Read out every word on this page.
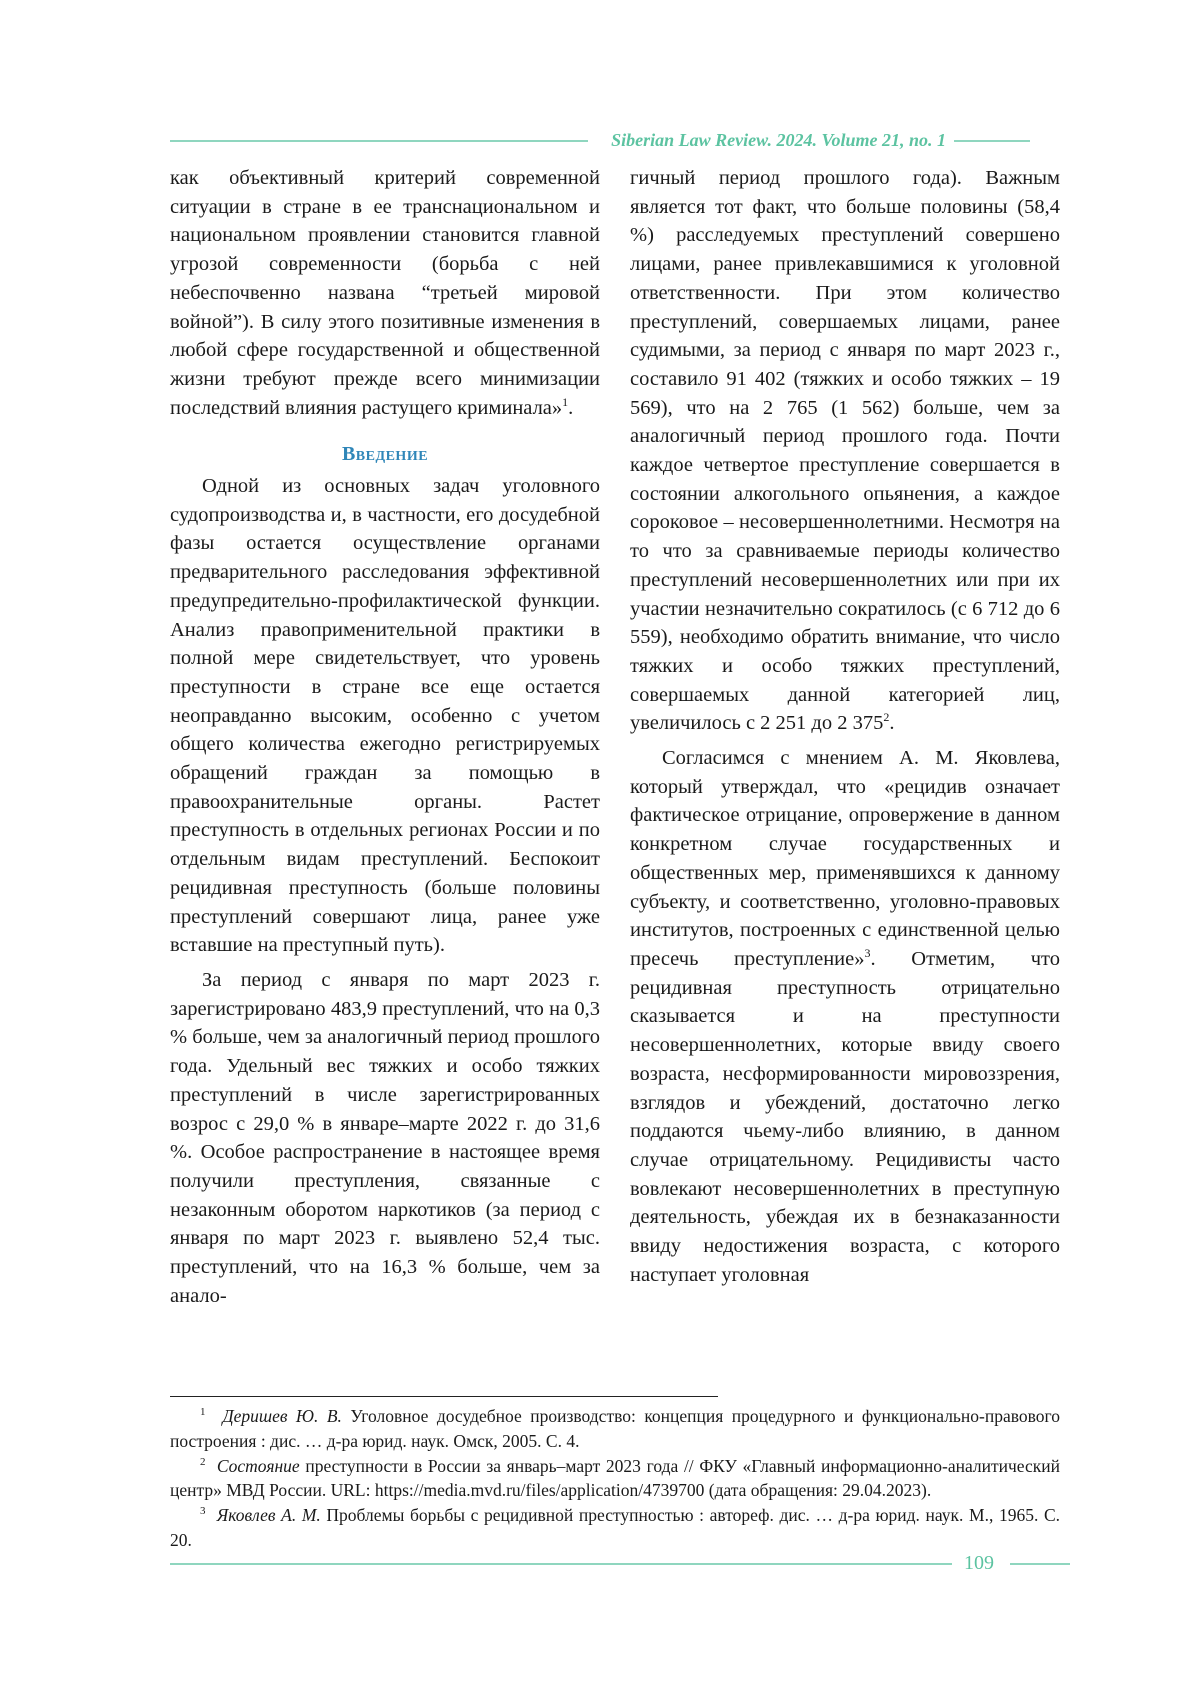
Siberian Law Review. 2024. Volume 21, no. 1

как объективный критерий современной ситуации в стране в ее транснациональном и национальном проявлении становится главной угрозой современности (борьба с ней небеспочвенно названа “третьей мировой войной”). В силу этого позитивные изменения в любой сфере государственной и общественной жизни требуют прежде всего минимизации последствий влияния растущего криминала»$^1$.

Введение

Одной из основных задач уголовного судопроизводства и, в частности, его досудебной фазы остается осуществление органами предварительного расследования эффективной предупредительно-профилактической функции. Анализ правоприменительной практики в полной мере свидетельствует, что уровень преступности в стране все еще остается неоправданно высоким, особенно с учетом общего количества ежегодно регистрируемых обращений граждан за помощью в правоохранительные органы. Растет преступность в отдельных регионах России и по отдельным видам преступлений. Беспокоит рецидивная преступность (больше половины преступлений совершают лица, ранее уже вставшие на преступный путь).

За период с января по март 2023 г. зарегистрировано 483,9 преступлений, что на 0,3 % больше, чем за аналогичный период прошлого года. Удельный вес тяжких и особо тяжких преступлений в числе зарегистрированных возрос с 29,0 % в январе–марте 2022 г. до 31,6 %. Особое распространение в настоящее время получили преступления, связанные с незаконным оборотом наркотиков (за период с января по март 2023 г. выявлено 52,4 тыс. преступлений, что на 16,3 % больше, чем за анало-

гичный период прошлого года). Важным является тот факт, что больше половины (58,4 %) расследуемых преступлений совершено лицами, ранее привлекавшимися к уголовной ответственности. При этом количество преступлений, совершаемых лицами, ранее судимыми, за период с января по март 2023 г., составило 91 402 (тяжких и особо тяжких – 19 569), что на 2 765 (1 562) больше, чем за аналогичный период прошлого года. Почти каждое четвертое преступление совершается в состоянии алкогольного опьянения, а каждое сороковое – несовершеннолетними. Несмотря на то что за сравниваемые периоды количество преступлений несовершеннолетних или при их участии незначительно сократилось (с 6 712 до 6 559), необходимо обратить внимание, что число тяжких и особо тяжких преступлений, совершаемых данной категорией лиц, увеличилось с 2 251 до 2 $375^2$.

Согласимся с мнением А. М. Яковлева, который утверждал, что «рецидив означает фактическое отрицание, опровержение в данном конкретном случае государственных и общественных мер, применявшихся к данному субъекту, и соответственно, уголовно-правовых институтов, построенных с единственной целью пресечь преступление»$^3$. Отметим, что рецидивная преступность отрицательно сказывается и на преступности несовершеннолетних, которые ввиду своего возраста, несформированности мировоззрения, взглядов и убеждений, достаточно легко поддаются чьему-либо влиянию, в данном случае отрицательному. Рецидивисты часто вовлекают несовершеннолетних в преступную деятельность, убеждая их в безнаказанности ввиду недостижения возраста, с которого наступает уголовная

$^1$ Деришев Ю. В. Уголовное досудебное производство: концепция процедурного и функционально-правового построения : дис. … д-ра юрид. наук. Омск, 2005. С. 4.

$^2$ Состояние преступности в России за январь–март 2023 года // ФКУ «Главный информационно-аналитический центр» МВД России. URL: https://media.mvd.ru/files/application/4739700 (дата обращения: 29.04.2023).

$^3$ Яковлев А. М. Проблемы борьбы с рецидивной преступностью : автореф. дис. … д-ра юрид. наук. М., 1965. С. 20.

109
